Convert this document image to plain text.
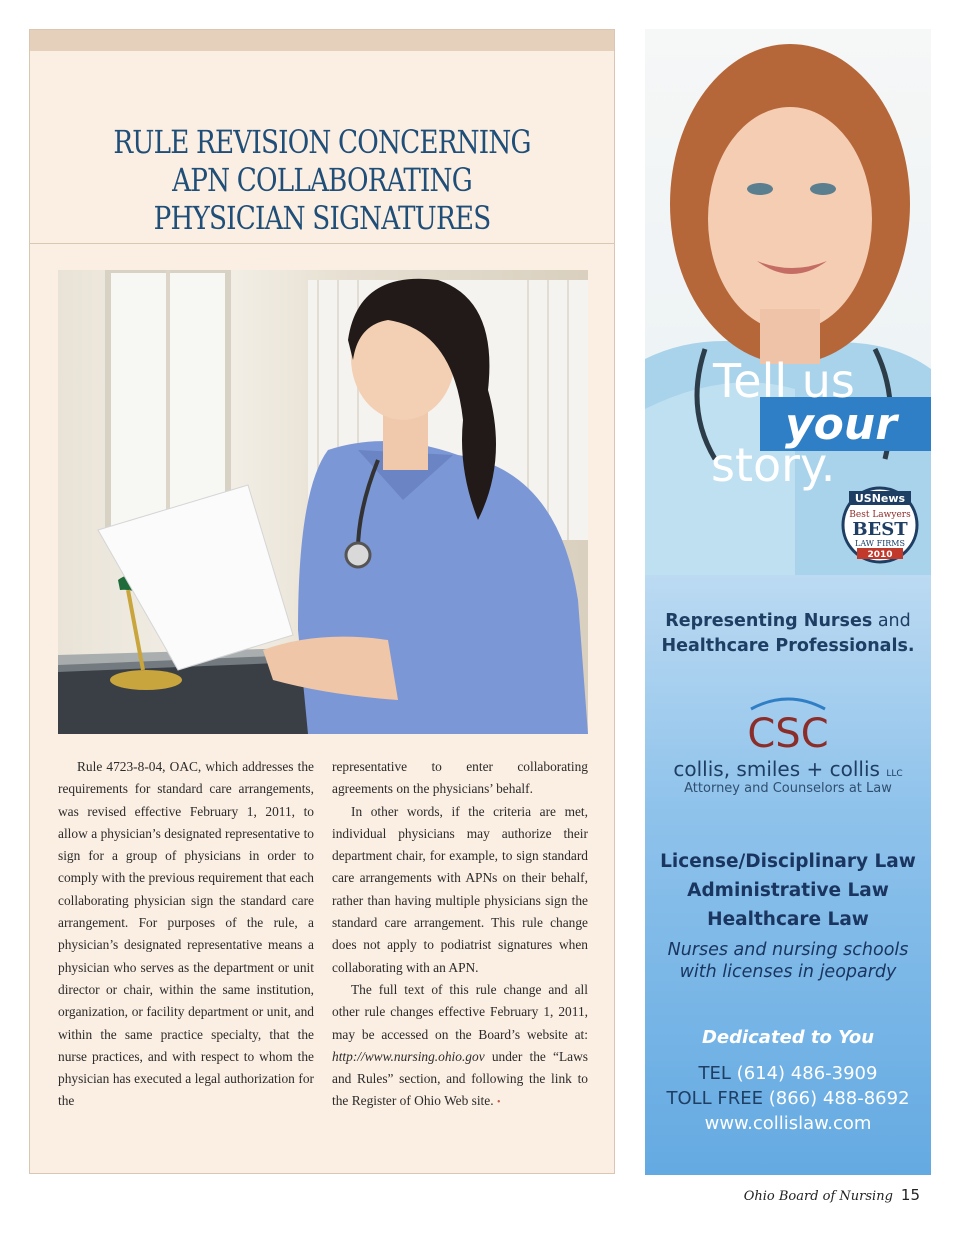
RULE REVISION CONCERNING
APN COLLABORATING
PHYSICIAN SIGNATURES

Rule 4723-8-04, OAC, which addresses the requirements for standard care arrangements, was revised effective February 1, 2011, to allow a physician’s designated representative to sign for a group of physicians in order to comply with the previous requirement that each collaborating physician sign the standard care arrangement. For purposes of the rule, a physician’s designated representative means a physician who serves as the department or unit director or chair, within the same institution, organization, or facility department or unit, and within the same practice specialty, that the nurse practices, and with respect to whom the physician has executed a legal authorization for the

representative to enter collaborating agreements on the physicians’ behalf.

In other words, if the criteria are met, individual physicians may authorize their department chair, for example, to sign standard care arrangements with APNs on their behalf, rather than having multiple physicians sign the standard care arrangement. This rule change does not apply to podiatrist signatures when collaborating with an APN.

The full text of this rule change and all other rule changes effective February 1, 2011, may be accessed on the Board’s website at: http://www.nursing.ohio.gov under the “Laws and Rules” section, and following the link to the Register of Ohio Web site. •

Tell us
your
story.
USNews
Best Lawyers
BEST
LAW FIRMS
2010
Representing Nurses and
Healthcare Professionals.
CSC
collis, smiles + collis LLC
Attorney and Counselors at Law
License/Disciplinary Law
Administrative Law
Healthcare Law
Nurses and nursing schools
with licenses in jeopardy
Dedicated to You
TEL (614) 486-3909
TOLL FREE (866) 488-8692
www.collislaw.com
Ohio Board of Nursing 15
